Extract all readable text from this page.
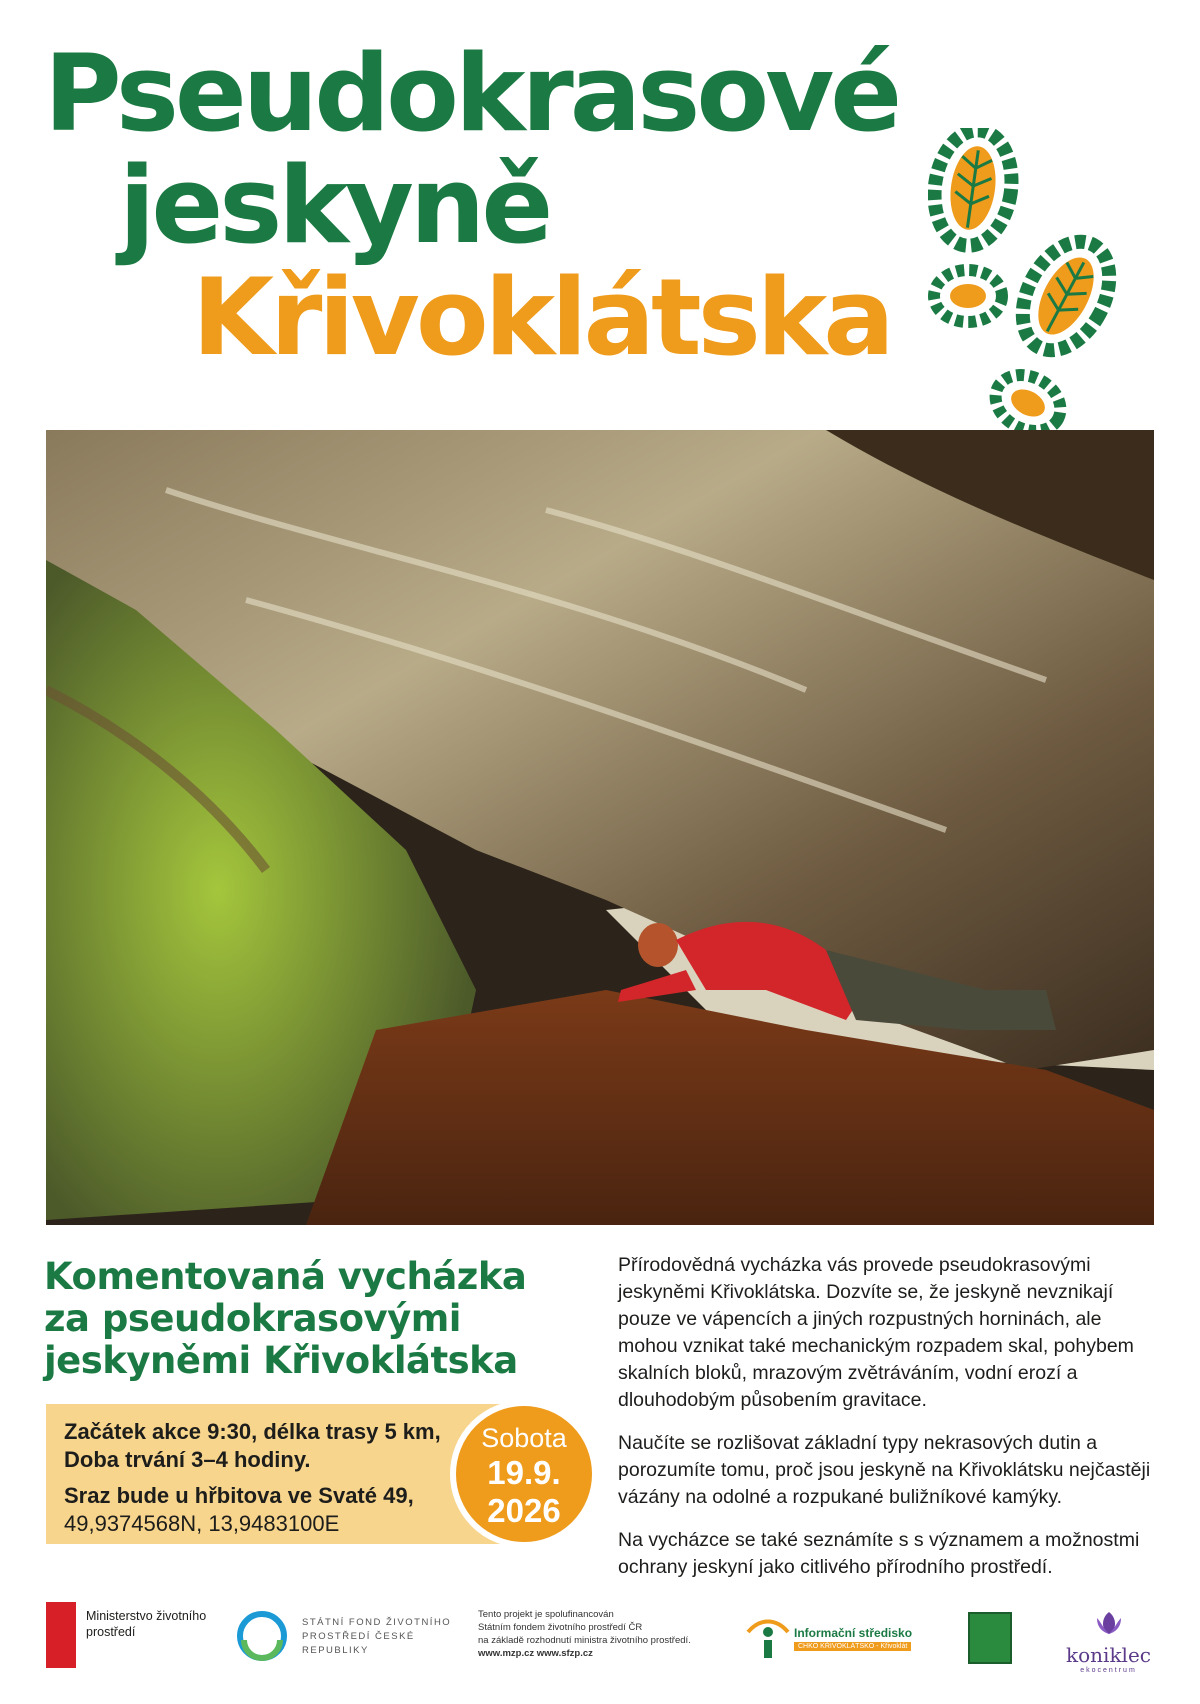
Pseudokrasové
jeskyně
Křivoklátska
Komentovaná vycházka za pseudokrasovými jeskyněmi Křivoklátska
Začátek akce 9:30, délka trasy 5 km,
Doba trvání 3–4 hodiny.
Sraz bude u hřbitova ve Svaté 49,
49,9374568N, 13,9483100E
Sobota
19.9.
2026

Přírodovědná vycházka vás provede pseudokrasovými jeskyněmi Křivoklátska. Dozvíte se, že jeskyně nevznikají pouze ve vápencích a jiných rozpustných horninách, ale mohou vznikat také mechanickým rozpadem skal, pohybem skalních bloků, mrazovým zvětráváním, vodní erozí a dlouhodobým působením gravitace.

Naučíte se rozlišovat základní typy nekrasových dutin a porozumíte tomu, proč jsou jeskyně na Křivoklátsku nejčastěji vázány na odolné a rozpukané buližníkové kamýky.

Na vycházce se také seznámíte s s významem a možnostmi ochrany jeskyní jako citlivého přírodního prostředí.

Ministerstvo životního prostředí
STÁTNÍ FOND ŽIVOTNÍHO PROSTŘEDÍ ČESKÉ REPUBLIKY
Tento projekt je spolufinancován
Státním fondem životního prostředí ČR
na základě rozhodnutí ministra životního prostředí.
www.mzp.cz www.sfzp.cz
Informační středisko
CHKO KŘIVOKLÁTSKO - Křivoklát	koniklec
ekocentrum
